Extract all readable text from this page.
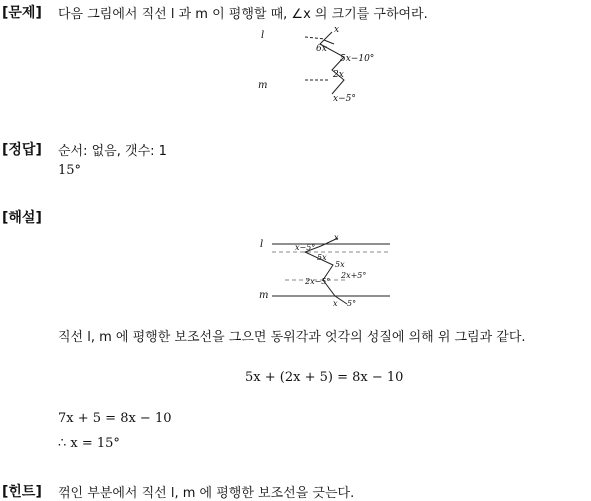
[문제] 다음 그림에서 직선 l 과 m 이 평행할 때, ∠x 의 크기를 구하여라.
l
m
x
6x
5x−10°
2x
x−5°
[정답] 순서: 없음, 갯수: 1
15°
[해설]
l
m
x
x−5°
5x
5x
2x+5°
2x−5°
x 5°
직선 l, m 에 평행한 보조선을 그으면 동위각과 엇각의 성질에 의해 위 그림과 같다.
5x + (2x + 5) = 8x − 10
7x + 5 = 8x − 10
∴ x = 15°
[힌트] 꺾인 부분에서 직선 l, m 에 평행한 보조선을 긋는다.
